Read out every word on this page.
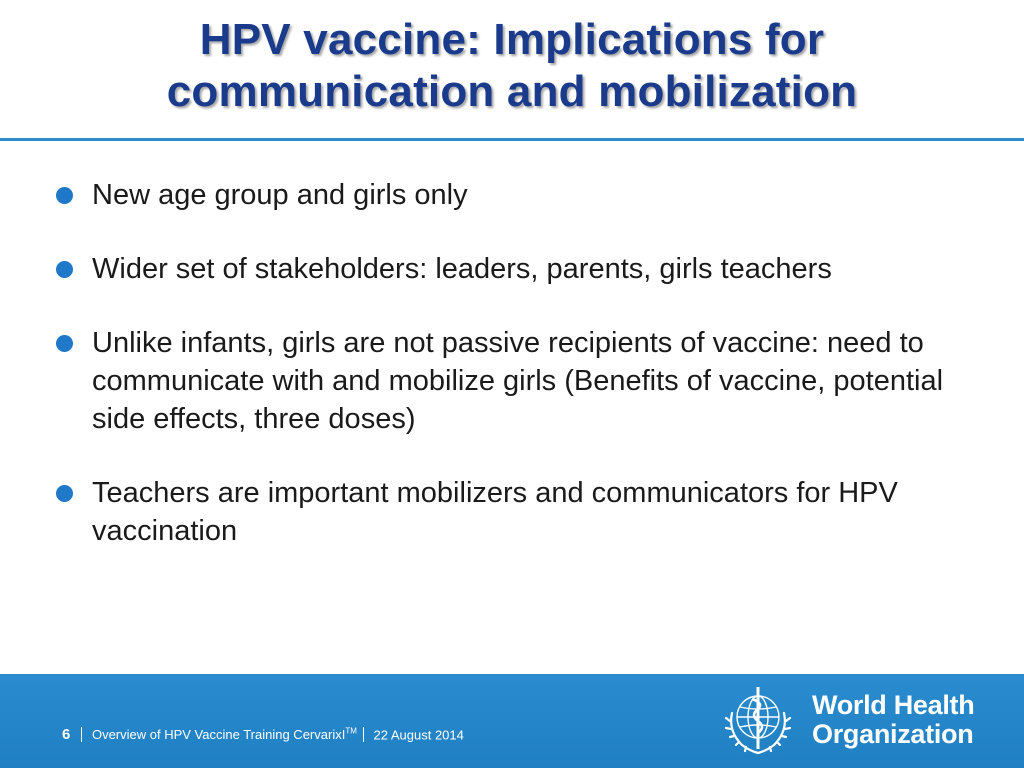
HPV vaccine: Implications for
communication and mobilization
New age group and girls only
Wider set of stakeholders: leaders, parents, girls teachers
Unlike infants, girls are not passive recipients of vaccine: need to communicate with and mobilize girls (Benefits of vaccine, potential side effects, three doses)
Teachers are important mobilizers and communicators for HPV vaccination
6 Overview of HPV Vaccine Training CervarixI™ 22 August 2014
World Health
Organization
